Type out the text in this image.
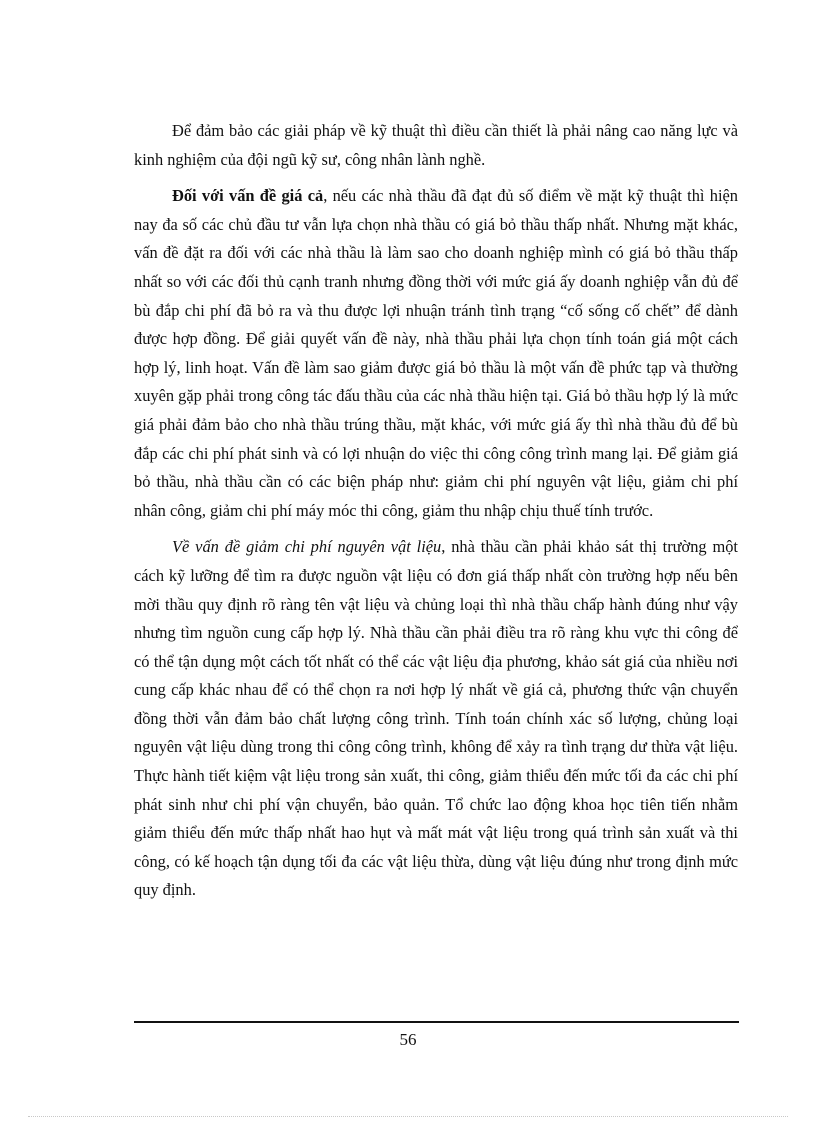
Để đảm bảo các giải pháp về kỹ thuật thì điều cần thiết là phải nâng cao năng lực và kinh nghiệm của đội ngũ kỹ sư, công nhân lành nghề.

Đối với vấn đề giá cả, nếu các nhà thầu đã đạt đủ số điểm về mặt kỹ thuật thì hiện nay đa số các chủ đầu tư vẫn lựa chọn nhà thầu có giá bỏ thầu thấp nhất. Nhưng mặt khác, vấn đề đặt ra đối với các nhà thầu là làm sao cho doanh nghiệp mình có giá bỏ thầu thấp nhất so với các đối thủ cạnh tranh nhưng đồng thời với mức giá ấy doanh nghiệp vẫn đủ để bù đắp chi phí đã bỏ ra và thu được lợi nhuận tránh tình trạng “cố sống cố chết” để dành được hợp đồng. Để giải quyết vấn đề này, nhà thầu phải lựa chọn tính toán giá một cách hợp lý, linh hoạt. Vấn đề làm sao giảm được giá bỏ thầu là một vấn đề phức tạp và thường xuyên gặp phải trong công tác đấu thầu của các nhà thầu hiện tại. Giá bỏ thầu hợp lý là mức giá phải đảm bảo cho nhà thầu trúng thầu, mặt khác, với mức giá ấy thì nhà thầu đủ để bù đắp các chi phí phát sinh và có lợi nhuận do việc thi công công trình mang lại. Để giảm giá bỏ thầu, nhà thầu cần có các biện pháp như: giảm chi phí nguyên vật liệu, giảm chi phí nhân công, giảm chi phí máy móc thi công, giảm thu nhập chịu thuế tính trước.

Về vấn đề giảm chi phí nguyên vật liệu, nhà thầu cần phải khảo sát thị trường một cách kỹ lưỡng để tìm ra được nguồn vật liệu có đơn giá thấp nhất còn trường hợp nếu bên mời thầu quy định rõ ràng tên vật liệu và chủng loại thì nhà thầu chấp hành đúng như vậy nhưng tìm nguồn cung cấp hợp lý. Nhà thầu cần phải điều tra rõ ràng khu vực thi công để có thể tận dụng một cách tốt nhất có thể các vật liệu địa phương, khảo sát giá của nhiều nơi cung cấp khác nhau để có thể chọn ra nơi hợp lý nhất về giá cả, phương thức vận chuyển đồng thời vẫn đảm bảo chất lượng công trình. Tính toán chính xác số lượng, chủng loại nguyên vật liệu dùng trong thi công công trình, không để xảy ra tình trạng dư thừa vật liệu. Thực hành tiết kiệm vật liệu trong sản xuất, thi công, giảm thiểu đến mức tối đa các chi phí phát sinh như chi phí vận chuyển, bảo quản. Tổ chức lao động khoa học tiên tiến nhằm giảm thiểu đến mức thấp nhất hao hụt và mất mát vật liệu trong quá trình sản xuất và thi công, có kế hoạch tận dụng tối đa các vật liệu thừa, dùng vật liệu đúng như trong định mức quy định.

56
